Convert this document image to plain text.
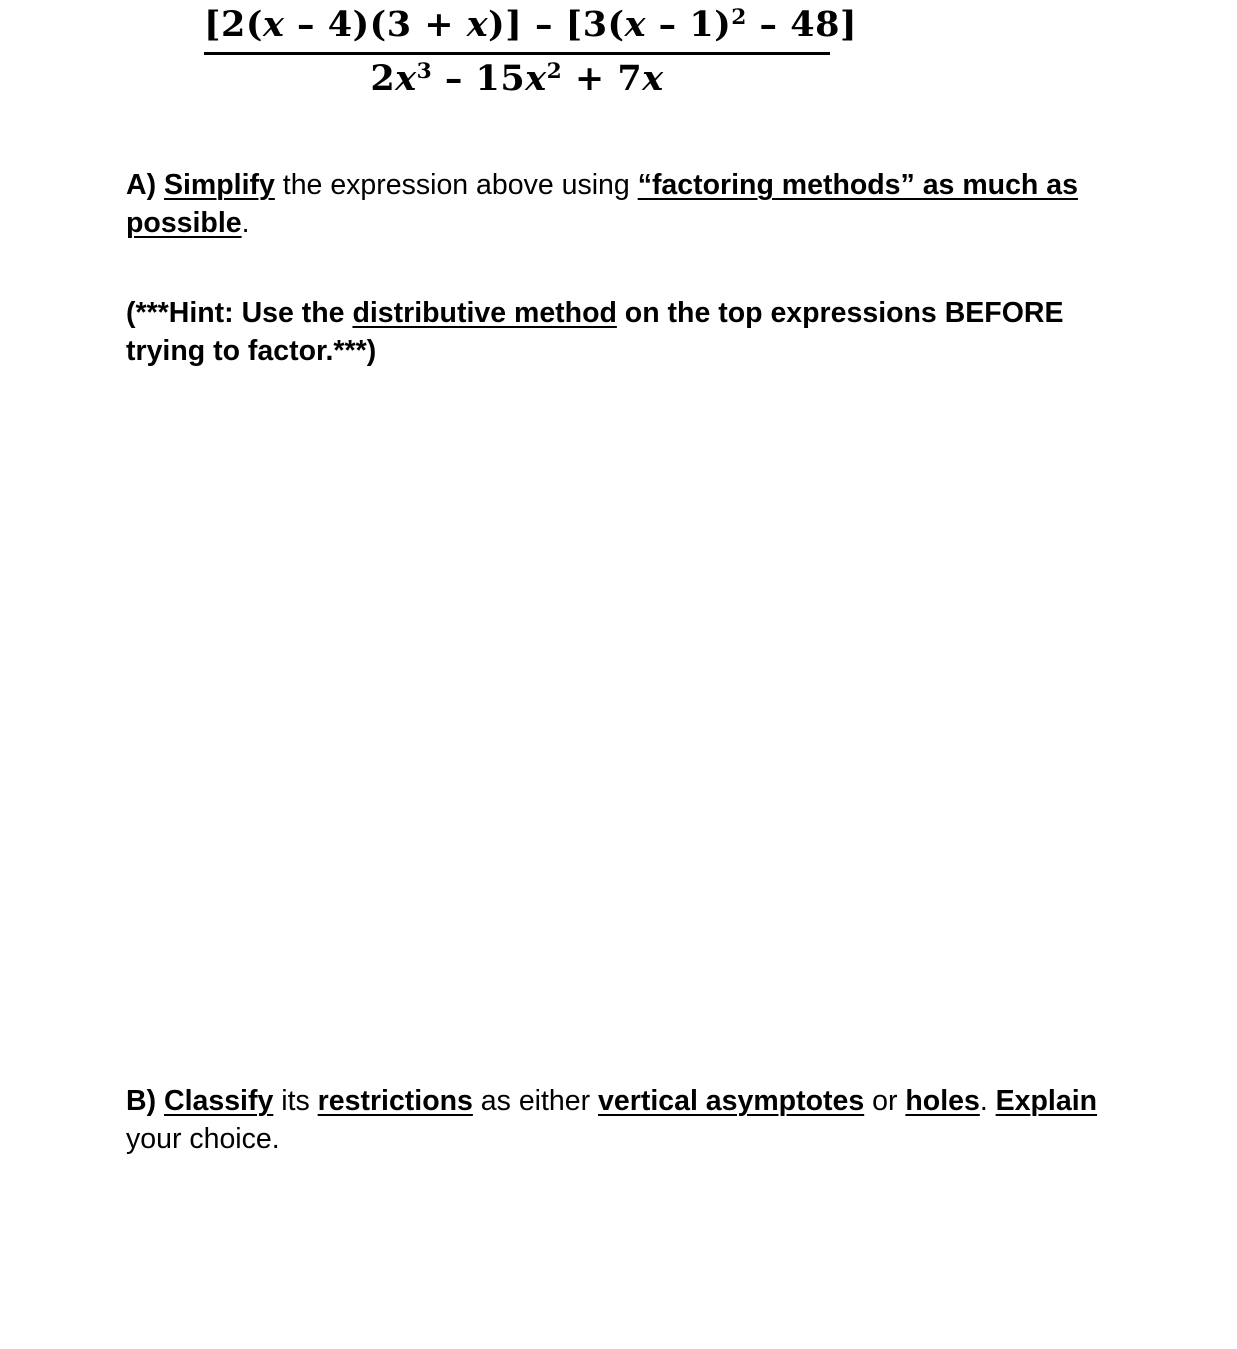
[2(x – 4)(3 + x)] – [3(x – 1)$^2$ – 48]
$2x^3 - 15x^2 + 7x$
A) Simplify the expression above using “factoring methods” as much as possible.
(***Hint: Use the distributive method on the top expressions BEFORE trying to factor.***)
B) Classify its restrictions as either vertical asymptotes or holes. Explain your choice.
